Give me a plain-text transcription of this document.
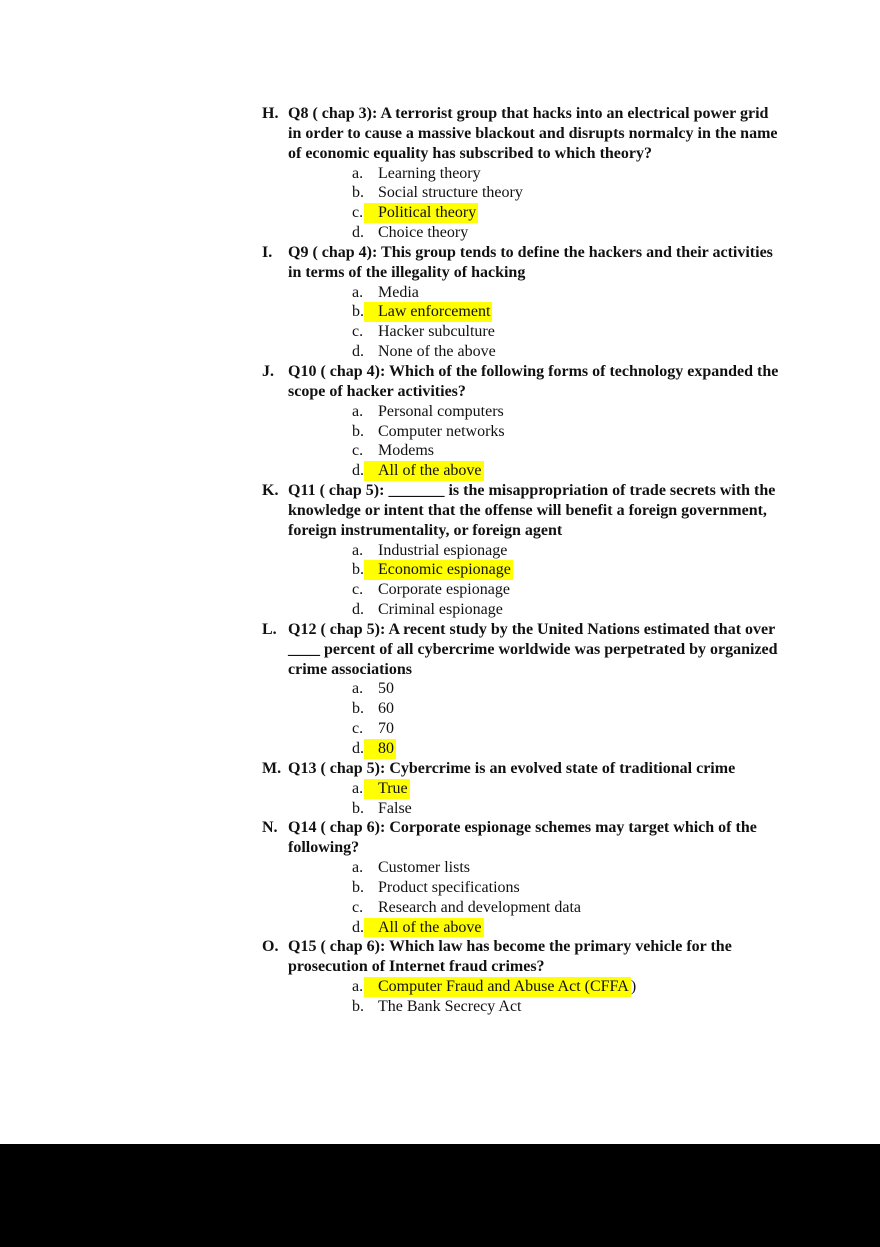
H. Q8 ( chap 3): A terrorist group that hacks into an electrical power grid in order to cause a massive blackout and disrupts normalcy in the name of economic equality has subscribed to which theory?
a. Learning theory
b. Social structure theory
c. Political theory
d. Choice theory
I. Q9 ( chap 4): This group tends to define the hackers and their activities in terms of the illegality of hacking
a. Media
b. Law enforcement
c. Hacker subculture
d. None of the above
J. Q10 ( chap 4): Which of the following forms of technology expanded the scope of hacker activities?
a. Personal computers
b. Computer networks
c. Modems
d. All of the above
K. Q11 ( chap 5): _______ is the misappropriation of trade secrets with the knowledge or intent that the offense will benefit a foreign government, foreign instrumentality, or foreign agent
a. Industrial espionage
b. Economic espionage
c. Corporate espionage
d. Criminal espionage
L. Q12 ( chap 5): A recent study by the United Nations estimated that over ____ percent of all cybercrime worldwide was perpetrated by organized crime associations
a. 50
b. 60
c. 70
d. 80
M. Q13 ( chap 5): Cybercrime is an evolved state of traditional crime
a. True
b. False
N. Q14 ( chap 6): Corporate espionage schemes may target which of the following?
a. Customer lists
b. Product specifications
c. Research and development data
d. All of the above
O. Q15 ( chap 6): Which law has become the primary vehicle for the prosecution of Internet fraud crimes?
a. Computer Fraud and Abuse Act (CFFA )
b. The Bank Secrecy Act
